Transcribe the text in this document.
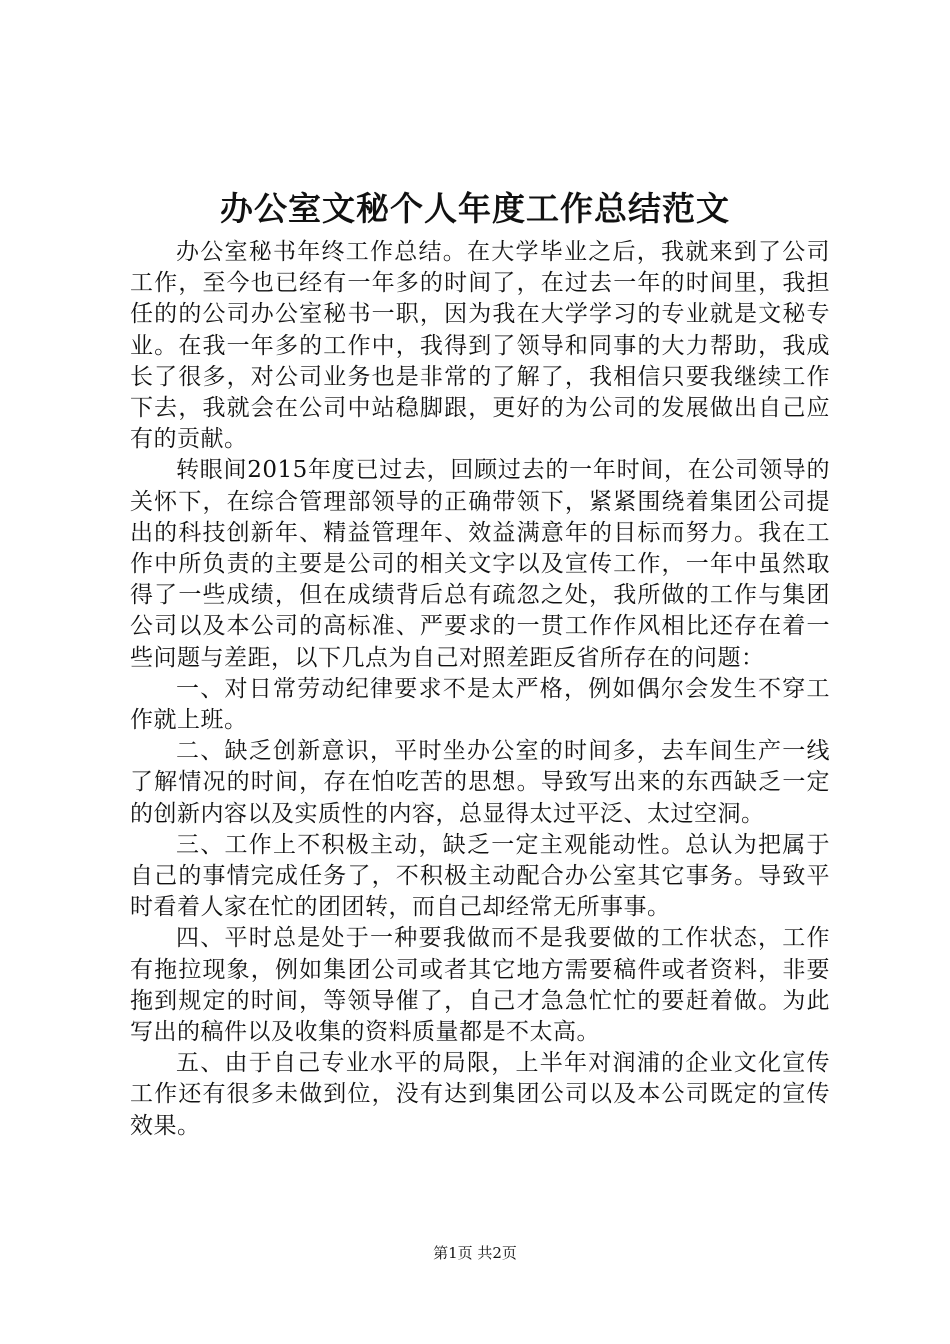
办公室文秘个人年度工作总结范文

办公室秘书年终工作总结。在大学毕业之后，我就来到了公司工作，至今也已经有一年多的时间了，在过去一年的时间里，我担任的的公司办公室秘书一职，因为我在大学学习的专业就是文秘专业。在我一年多的工作中，我得到了领导和同事的大力帮助，我成长了很多，对公司业务也是非常的了解了，我相信只要我继续工作下去，我就会在公司中站稳脚跟，更好的为公司的发展做出自己应有的贡献。

转眼间2015年度已过去，回顾过去的一年时间，在公司领导的关怀下，在综合管理部领导的正确带领下，紧紧围绕着集团公司提出的科技创新年、精益管理年、效益满意年的目标而努力。我在工作中所负责的主要是公司的相关文字以及宣传工作，一年中虽然取得了一些成绩，但在成绩背后总有疏忽之处，我所做的工作与集团公司以及本公司的高标准、严要求的一贯工作作风相比还存在着一些问题与差距，以下几点为自己对照差距反省所存在的问题：

一、对日常劳动纪律要求不是太严格，例如偶尔会发生不穿工作就上班。

二、缺乏创新意识，平时坐办公室的时间多，去车间生产一线了解情况的时间，存在怕吃苦的思想。导致写出来的东西缺乏一定的创新内容以及实质性的内容，总显得太过平泛、太过空洞。

三、工作上不积极主动，缺乏一定主观能动性。总认为把属于自己的事情完成任务了，不积极主动配合办公室其它事务。导致平时看着人家在忙的团团转，而自己却经常无所事事。

四、平时总是处于一种要我做而不是我要做的工作状态，工作有拖拉现象，例如集团公司或者其它地方需要稿件或者资料，非要拖到规定的时间，等领导催了，自己才急急忙忙的要赶着做。为此写出的稿件以及收集的资料质量都是不太高。

五、由于自己专业水平的局限，上半年对润浦的企业文化宣传工作还有很多未做到位，没有达到集团公司以及本公司既定的宣传效果。

第1页 共2页
